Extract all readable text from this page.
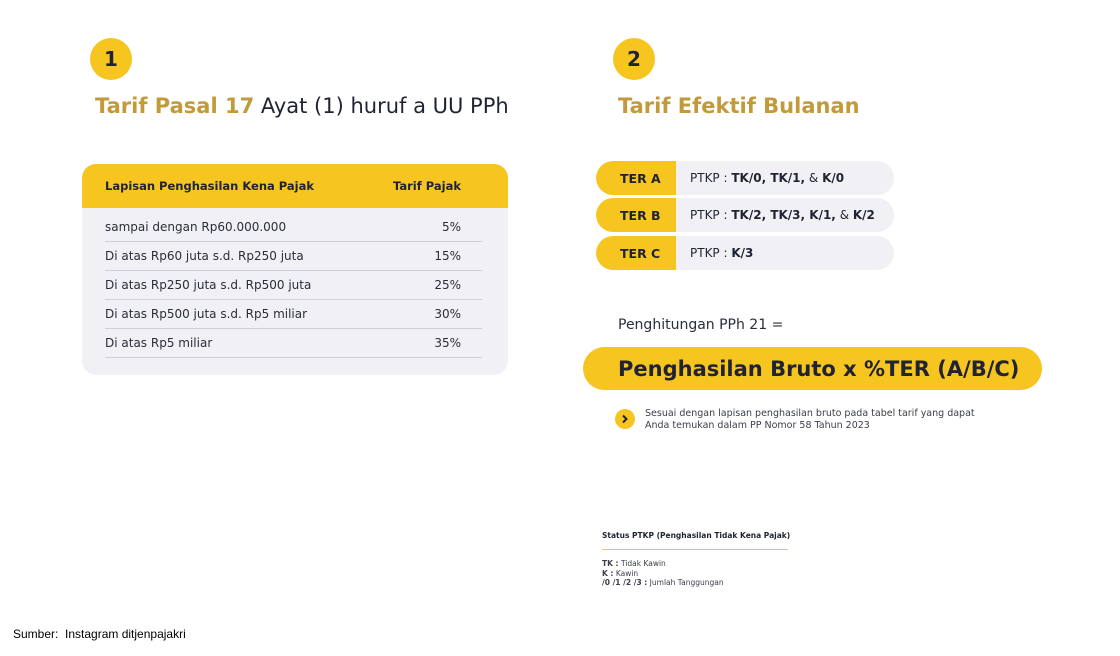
1
Tarif Pasal 17 Ayat (1) huruf a UU PPh
Lapisan Penghasilan Kena Pajak	Tarif Pajak
sampai dengan Rp60.000.000	5%
Di atas Rp60 juta s.d. Rp250 juta	15%
Di atas Rp250 juta s.d. Rp500 juta	25%
Di atas Rp500 juta s.d. Rp5 miliar	30%
Di atas Rp5 miliar	35%
2
Tarif Efektif Bulanan
TER A	PTKP : TK/0, TK/1, & K/0
TER B	PTKP : TK/2, TK/3, K/1, & K/2
TER C	PTKP : K/3
Penghitungan PPh 21 =
Penghasilan Bruto x %TER (A/B/C)
Sesuai dengan lapisan penghasilan bruto pada tabel tarif yang dapat
Anda temukan dalam PP Nomor 58 Tahun 2023
Status PTKP (Penghasilan Tidak Kena Pajak)
TK : Tidak Kawin
K : Kawin
/0 /1 /2 /3 : Jumlah Tanggungan
Sumber:  Instagram ditjenpajakri
